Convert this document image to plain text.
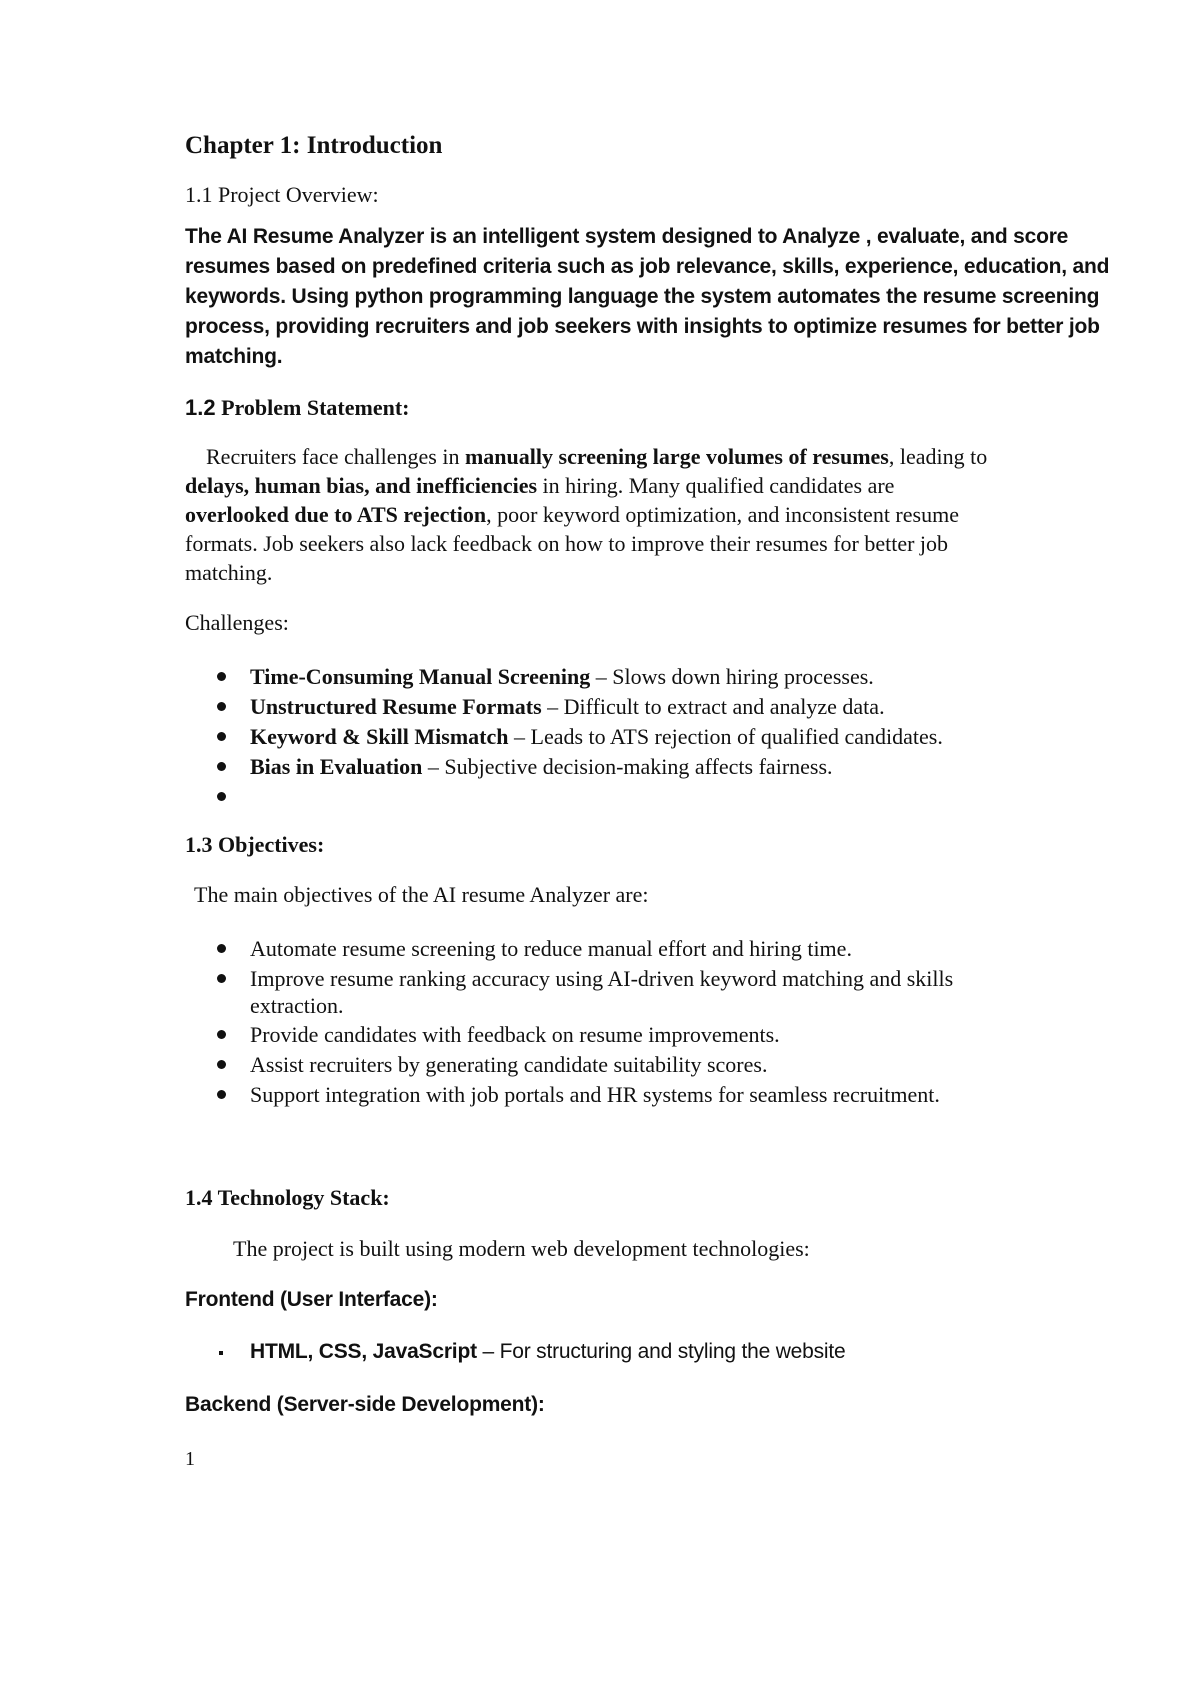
Chapter 1: Introduction
1.1 Project Overview:
The AI Resume Analyzer is an intelligent system designed to Analyze , evaluate, and score
resumes based on predefined criteria such as job relevance, skills, experience, education, and
keywords. Using python programming language the system automates the resume screening
process, providing recruiters and job seekers with insights to optimize resumes for better job
matching.
1.2 Problem Statement:
Recruiters face challenges in manually screening large volumes of resumes, leading to
delays, human bias, and inefficiencies in hiring. Many qualified candidates are
overlooked due to ATS rejection, poor keyword optimization, and inconsistent resume
formats. Job seekers also lack feedback on how to improve their resumes for better job
matching.
Challenges:
Time-Consuming Manual Screening – Slows down hiring processes.
Unstructured Resume Formats – Difficult to extract and analyze data.
Keyword & Skill Mismatch – Leads to ATS rejection of qualified candidates.
Bias in Evaluation – Subjective decision-making affects fairness.
1.3 Objectives:
The main objectives of the AI resume Analyzer are:
Automate resume screening to reduce manual effort and hiring time.
Improve resume ranking accuracy using AI-driven keyword matching and skills
extraction.
Provide candidates with feedback on resume improvements.
Assist recruiters by generating candidate suitability scores.
Support integration with job portals and HR systems for seamless recruitment.
1.4 Technology Stack:
The project is built using modern web development technologies:
Frontend (User Interface):
HTML, CSS, JavaScript – For structuring and styling the website
Backend (Server-side Development):
1
